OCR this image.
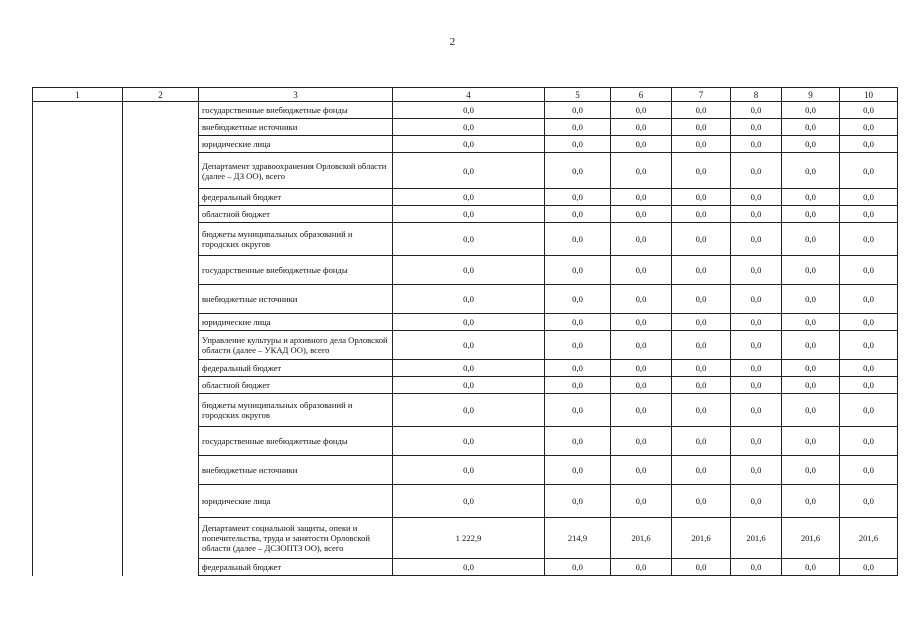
2
1	2	3	4	5	6	7	8	9	10
		государственные внебюджетные фонды	0,0	0,0	0,0	0,0	0,0	0,0	0,0
		внебюджетные источники	0,0	0,0	0,0	0,0	0,0	0,0	0,0
		юридические лица	0,0	0,0	0,0	0,0	0,0	0,0	0,0
		Департамент здравоохранения Орловской области (далее – ДЗ ОО), всего	0,0	0,0	0,0	0,0	0,0	0,0	0,0
		федеральный бюджет	0,0	0,0	0,0	0,0	0,0	0,0	0,0
		областной бюджет	0,0	0,0	0,0	0,0	0,0	0,0	0,0
		бюджеты муниципальных образований и городских округов	0,0	0,0	0,0	0,0	0,0	0,0	0,0
		государственные внебюджетные фонды	0,0	0,0	0,0	0,0	0,0	0,0	0,0
		внебюджетные источники	0,0	0,0	0,0	0,0	0,0	0,0	0,0
		юридические лица	0,0	0,0	0,0	0,0	0,0	0,0	0,0
		Управление культуры и архивного дела Орловской области (далее – УКАД ОО), всего	0,0	0,0	0,0	0,0	0,0	0,0	0,0
		федеральный бюджет	0,0	0,0	0,0	0,0	0,0	0,0	0,0
		областной бюджет	0,0	0,0	0,0	0,0	0,0	0,0	0,0
		бюджеты муниципальных образований и городских округов	0,0	0,0	0,0	0,0	0,0	0,0	0,0
		государственные внебюджетные фонды	0,0	0,0	0,0	0,0	0,0	0,0	0,0
		внебюджетные источники	0,0	0,0	0,0	0,0	0,0	0,0	0,0
		юридические лица	0,0	0,0	0,0	0,0	0,0	0,0	0,0
		Департамент социальной защиты, опеки и попечительства, труда и занятости Орловской области (далее – ДСЗОПТЗ ОО), всего	1 222,9	214,9	201,6	201,6	201,6	201,6	201,6
		федеральный бюджет	0,0	0,0	0,0	0,0	0,0	0,0	0,0
